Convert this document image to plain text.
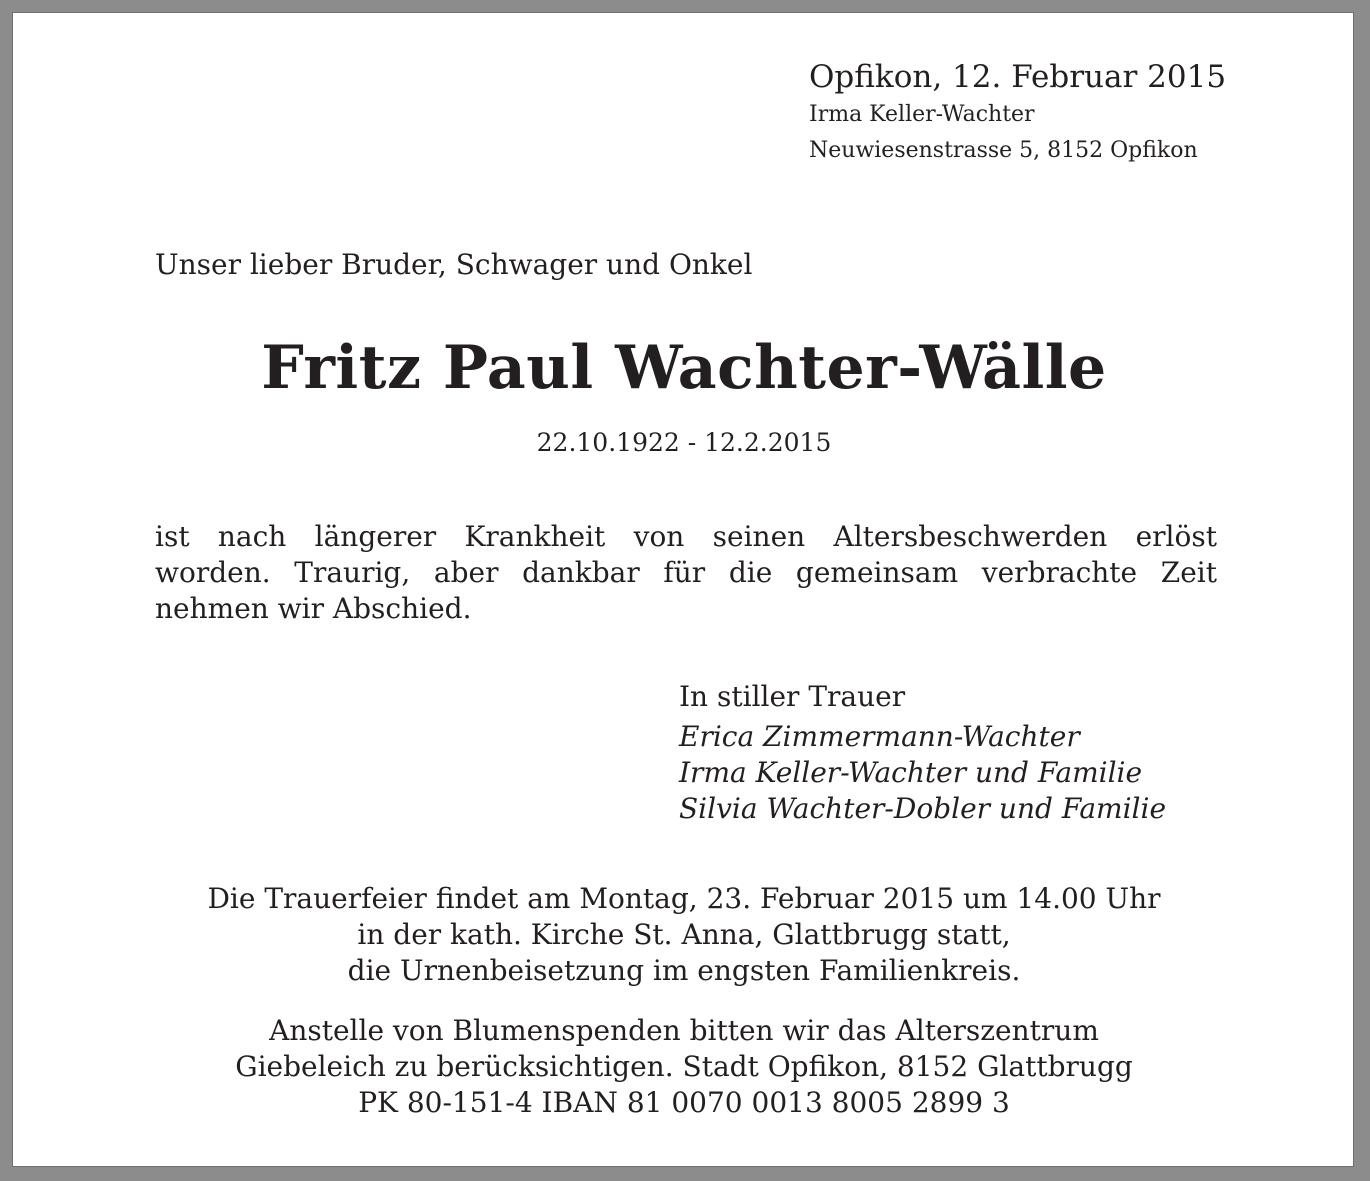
Opfikon, 12. Februar 2015
Irma Keller-Wachter
Neuwiesenstrasse 5, 8152 Opfikon
Unser lieber Bruder, Schwager und Onkel
Fritz Paul Wachter-Wälle
22.10.1922 - 12.2.2015
ist nach längerer Krankheit von seinen Altersbeschwerden erlöst
worden. Traurig, aber dankbar für die gemeinsam verbrachte Zeit
nehmen wir Abschied.
In stiller Trauer
Erica Zimmermann-Wachter
Irma Keller-Wachter und Familie
Silvia Wachter-Dobler und Familie
Die Trauerfeier findet am Montag, 23. Februar 2015 um 14.00 Uhr
in der kath. Kirche St. Anna, Glattbrugg statt,
die Urnenbeisetzung im engsten Familienkreis.
Anstelle von Blumenspenden bitten wir das Alterszentrum
Giebeleich zu berücksichtigen. Stadt Opfikon, 8152 Glattbrugg
PK 80-151-4 IBAN 81 0070 0013 8005 2899 3
